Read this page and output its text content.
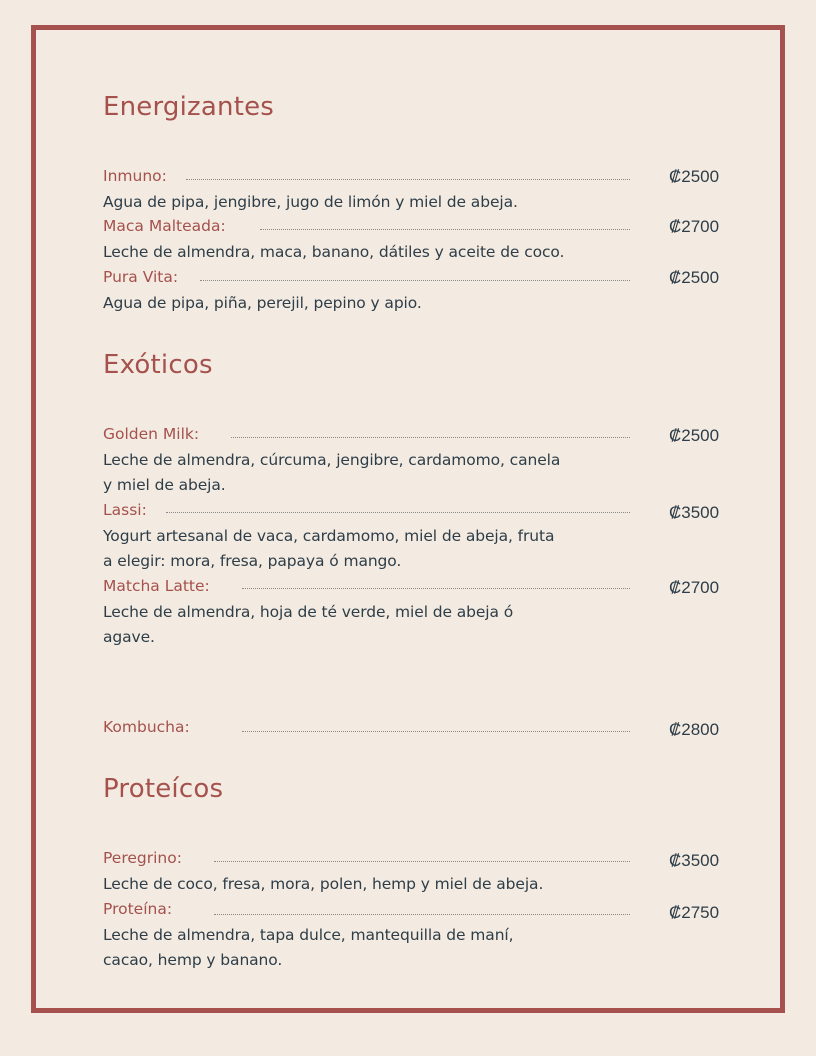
Energizantes
Inmuno:	₡2500
Agua de pipa, jengibre, jugo de limón y miel de abeja.
Maca Malteada:	₡2700
Leche de almendra, maca, banano, dátiles y aceite de coco.
Pura Vita:	₡2500
Agua de pipa, piña, perejil, pepino y apio.
Exóticos
Golden Milk:	₡2500
Leche de almendra, cúrcuma, jengibre, cardamomo, canela
y miel de abeja.
Lassi:	₡3500
Yogurt artesanal de vaca, cardamomo, miel de abeja, fruta
a elegir: mora, fresa, papaya ó mango.
Matcha Latte:	₡2700
Leche de almendra, hoja de té verde, miel de abeja ó
agave.
Kombucha:	₡2800
Proteícos
Peregrino:	₡3500
Leche de coco, fresa, mora, polen, hemp y miel de abeja.
Proteína:	₡2750
Leche de almendra, tapa dulce, mantequilla de maní,
cacao, hemp y banano.
